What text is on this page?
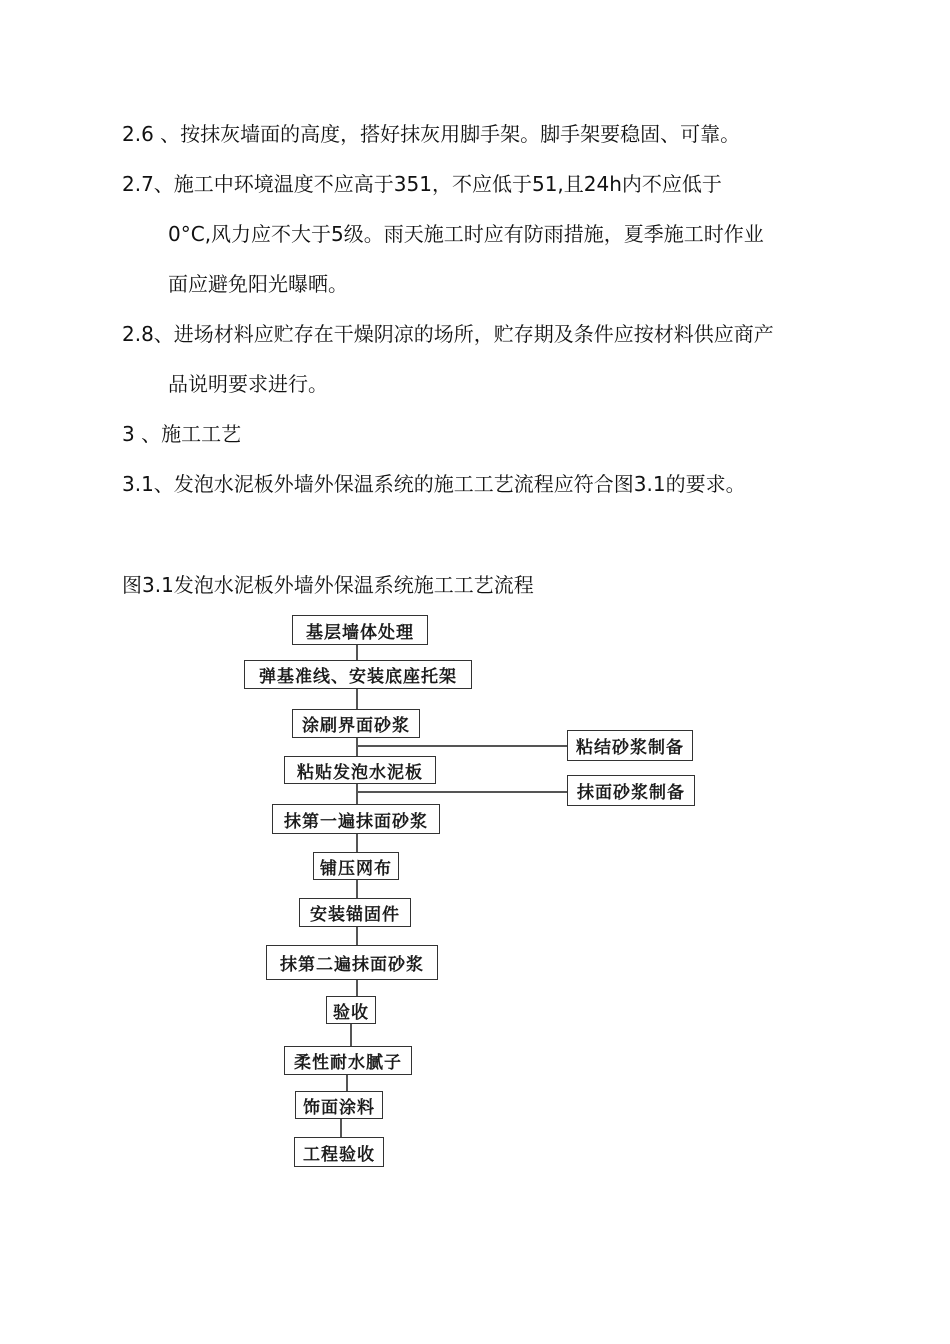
2.6 、按抹灰墙面的高度，搭好抹灰用脚手架。脚手架要稳固、可靠。

2.7、施工中环境温度不应高于351，不应低于51,且24h内不应低于

0°C,风力应不大于5级。雨天施工时应有防雨措施，夏季施工时作业

面应避免阳光曝晒。

2.8、进场材料应贮存在干燥阴凉的场所，贮存期及条件应按材料供应商产

品说明要求进行。

3 、施工工艺

3.1、发泡水泥板外墙外保温系统的施工工艺流程应符合图3.1的要求。

图3.1发泡水泥板外墙外保温系统施工工艺流程

基层墙体处理
弹基准线、安装底座托架
涂刷界面砂浆
粘贴发泡水泥板
抹第一遍抹面砂浆
铺压网布
安装锚固件
抹第二遍抹面砂浆
验收
柔性耐水腻子
饰面涂料
工程验收
粘结砂浆制备
抹面砂浆制备
